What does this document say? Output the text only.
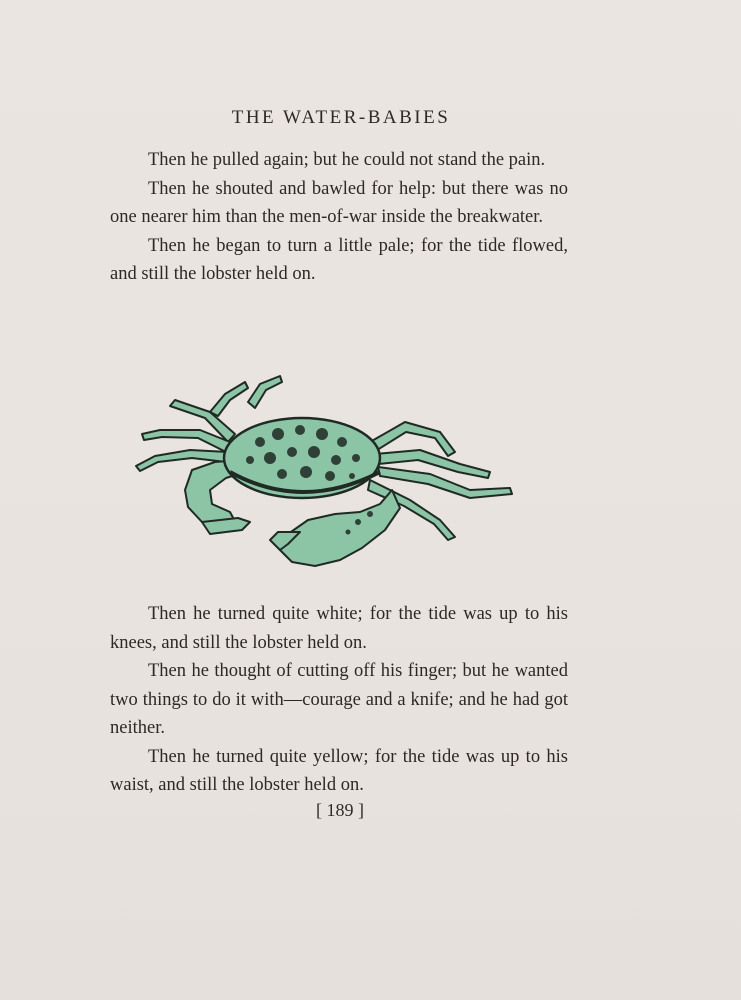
THE WATER-BABIES

Then he pulled again; but he could not stand the pain.

Then he shouted and bawled for help: but there was no one nearer him than the men-of-war inside the breakwater.

Then he began to turn a little pale; for the tide flowed, and still the lobster held on.

Then he turned quite white; for the tide was up to his knees, and still the lobster held on.

Then he thought of cutting off his finger; but he wanted two things to do it with—courage and a knife; and he had got neither.

Then he turned quite yellow; for the tide was up to his waist, and still the lobster held on.

[ 189 ]
